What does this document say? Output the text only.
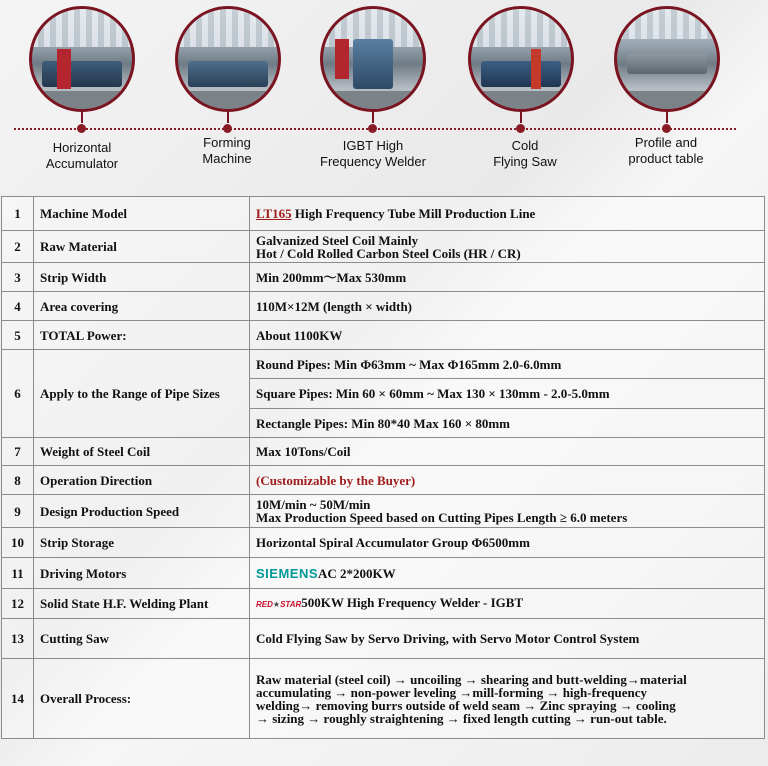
Horizontal
Accumulator
Forming
Machine
IGBT High
Frequency Welder
Cold
Flying Saw
Profile and
product table
1	Machine Model	LT165 High Frequency Tube Mill Production Line
2	Raw Material	Galvanized Steel Coil Mainly
Hot / Cold Rolled Carbon Steel Coils (HR / CR)

3	Strip Width	Min 200mm～Max 530mm
4	Area covering	110M×12M (length × width)
5	TOTAL Power:	About 1100KW
6	Apply to the Range of Pipe Sizes	Round Pipes: Min Φ63mm ~ Max Φ165mm 2.0-6.0mm
		Square Pipes: Min 60 × 60mm ~ Max 130 × 130mm - 2.0-5.0mm
		Rectangle Pipes: Min 80*40 Max 160 × 80mm
7	Weight of Steel Coil	Max 10Tons/Coil
8	Operation Direction	(Customizable by the Buyer)
9	Design Production Speed	10M/min ~ 50M/min
Max Production Speed based on Cutting Pipes Length ≥ 6.0 meters

10	Strip Storage	Horizontal Spiral Accumulator Group Φ6500mm
11	Driving Motors	SIEMENSAC 2*200KW
12	Solid State H.F. Welding Plant	RED★STAR500KW High Frequency Welder - IGBT
13	Cutting Saw	Cold Flying Saw by Servo Driving, with Servo Motor Control System
14	Overall Process:	Raw material (steel coil) → uncoiling → shearing and butt-welding→material
accumulating → non-power leveling →mill-forming → high-frequency
welding→ removing burrs outside of weld seam → Zinc spraying → cooling
→ sizing → roughly straightening → fixed length cutting → run-out table.
